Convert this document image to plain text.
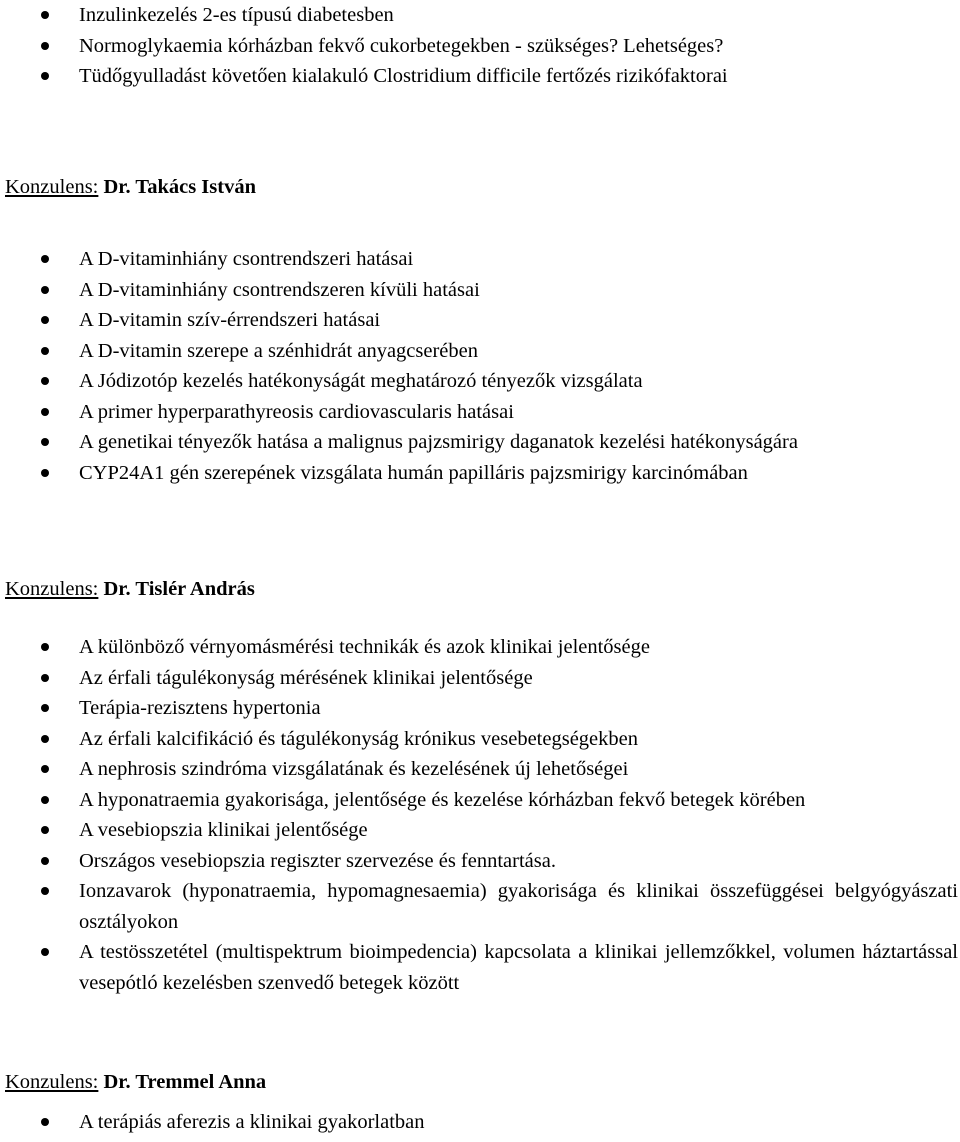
Inzulinkezelés 2-es típusú diabetesben
Normoglykaemia kórházban fekvő cukorbetegekben - szükséges? Lehetséges?
Tüdőgyulladást követően kialakuló Clostridium difficile fertőzés rizikófaktorai

Konzulens: Dr. Takács István

A D-vitaminhiány csontrendszeri hatásai
A D-vitaminhiány csontrendszeren kívüli hatásai
A D-vitamin szív-érrendszeri hatásai
A D-vitamin szerepe a szénhidrát anyagcserében
A Jódizotóp kezelés hatékonyságát meghatározó tényezők vizsgálata
A primer hyperparathyreosis cardiovascularis hatásai
A genetikai tényezők hatása a malignus pajzsmirigy daganatok kezelési hatékonyságára
CYP24A1 gén szerepének vizsgálata humán papilláris pajzsmirigy karcinómában

Konzulens: Dr. Tislér András

A különböző vérnyomásmérési technikák és azok klinikai jelentősége
Az érfali tágulékonyság mérésének klinikai jelentősége
Terápia-rezisztens hypertonia
Az érfali kalcifikáció és tágulékonyság krónikus vesebetegségekben
A nephrosis szindróma vizsgálatának és kezelésének új lehetőségei
A hyponatraemia gyakorisága, jelentősége és kezelése kórházban fekvő betegek körében
A vesebiopszia klinikai jelentősége
Országos vesebiopszia regiszter szervezése és fenntartása.
Ionzavarok (hyponatraemia, hypomagnesaemia) gyakorisága és klinikai összefüggései belgyógyászati osztályokon
A testösszetétel (multispektrum bioimpedencia) kapcsolata a klinikai jellemzőkkel, volumen háztartással vesepótló kezelésben szenvedő betegek között

Konzulens: Dr. Tremmel Anna

A terápiás aferezis a klinikai gyakorlatban
